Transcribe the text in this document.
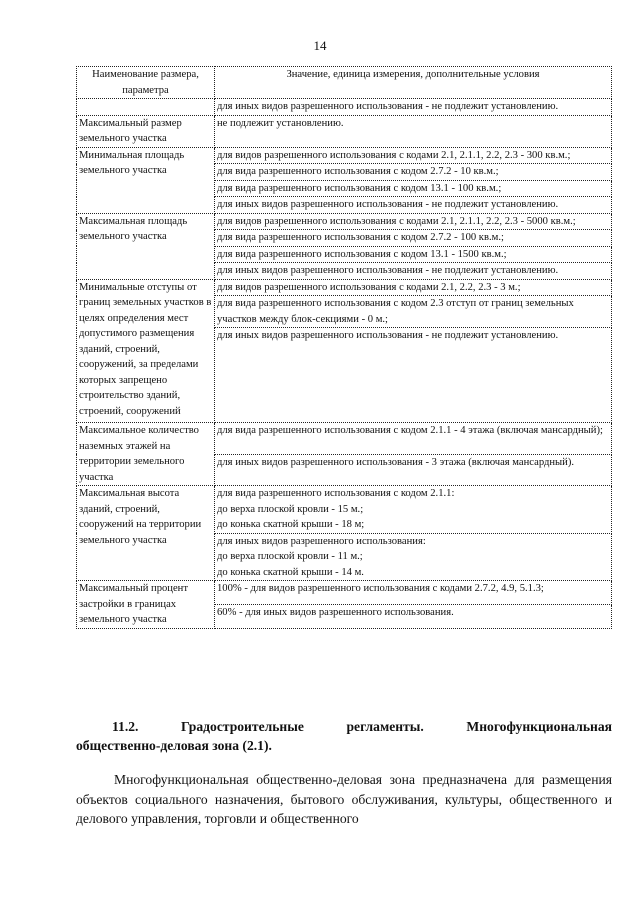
14
Наименование размера, параметра	Значение, единица измерения, дополнительные условия
	для иных видов разрешенного использования - не подлежит установлению.
Максимальный размер земельного участка	не подлежит установлению.
Минимальная площадь земельного участка	для видов разрешенного использования с кодами 2.1, 2.1.1, 2.2, 2.3 - 300 кв.м.;
	для вида разрешенного использования с кодом 2.7.2 - 10 кв.м.;
	для вида разрешенного использования с кодом 13.1 - 100 кв.м.;
	для иных видов разрешенного использования - не подлежит установлению.
Максимальная площадь земельного участка	для видов разрешенного использования с кодами 2.1, 2.1.1, 2.2, 2.3 - 5000 кв.м.;
	для вида разрешенного использования с кодом 2.7.2 - 100 кв.м.;
	для вида разрешенного использования с кодом 13.1 - 1500 кв.м.;
	для иных видов разрешенного использования - не подлежит установлению.
Минимальные отступы от границ земельных участков в целях определения мест допустимого размещения зданий, строений, сооружений, за пределами которых запрещено строительство зданий, строений, сооружений	для видов разрешенного использования с кодами 2.1, 2.2, 2.3 - 3 м.;
	для вида разрешенного использования с кодом 2.3 отступ от границ земельных участков между блок-секциями - 0 м.;
	для иных видов разрешенного использования - не подлежит установлению.
Максимальное количество наземных этажей на территории земельного участка	для вида разрешенного использования с кодом 2.1.1 - 4 этажа (включая мансардный);
	для иных видов разрешенного использования - 3 этажа (включая мансардный).
Максимальная высота зданий, строений, сооружений на территории земельного участка	для вида разрешенного использования с кодом 2.1.1:
до верха плоской кровли - 15 м.;
до конька скатной крыши - 18 м;

	для иных видов разрешенного использования:
до верха плоской кровли - 11 м.;
до конька скатной крыши - 14 м.

Максимальный процент застройки в границах земельного участка	100% - для видов разрешенного использования с кодами 2.7.2, 4.9, 5.1.3;
	60% - для иных видов разрешенного использования.
11.2.	Градостроительные	регламенты.	Многофункциональная
общественно-деловая зона (2.1).
Многофункциональная общественно-деловая зона предназначена для размещения объектов социального назначения, бытового обслуживания, культуры, общественного и делового управления, торговли и общественного
